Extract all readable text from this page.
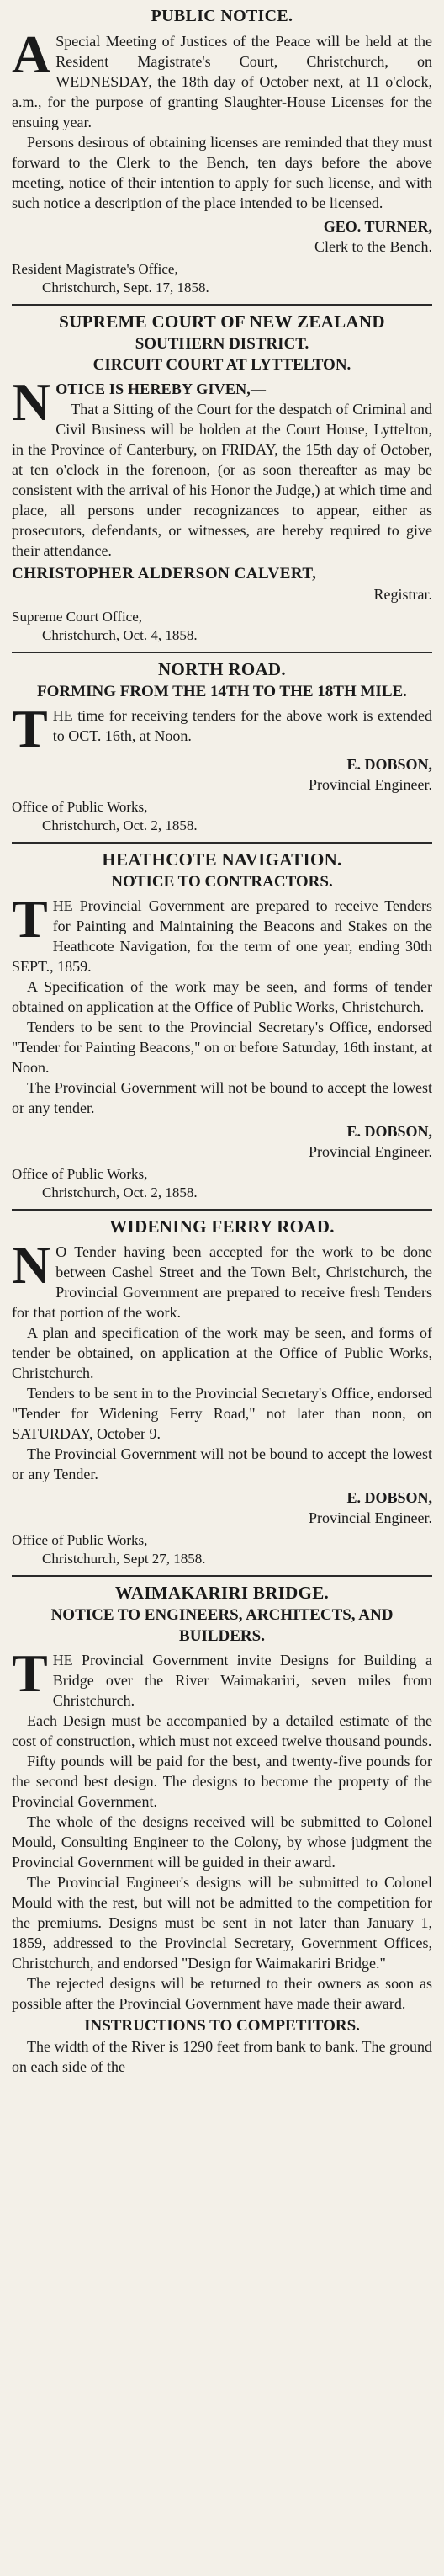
PUBLIC NOTICE.
A Special Meeting of Justices of the Peace will be held at the Resident Magistrate's Court, Christchurch, on WEDNESDAY, the 18th day of October next, at 11 o'clock, a.m., for the purpose of granting Slaughter-House Licenses for the ensuing year.

Persons desirous of obtaining licenses are reminded that they must forward to the Clerk to the Bench, ten days before the above meeting, notice of their intention to apply for such license, and with such notice a description of the place intended to be licensed.

GEO. TURNER,

Clerk to the Bench.

Resident Magistrate's Office,
Christchurch, Sept. 17, 1858.

SUPREME COURT OF NEW ZEALAND

SOUTHERN DISTRICT.

CIRCUIT COURT AT LYTTELTON.

N OTICE IS HEREBY GIVEN,—

That a Sitting of the Court for the despatch of Criminal and Civil Business will be holden at the Court House, Lyttelton, in the Province of Canterbury, on FRIDAY, the 15th day of October, at ten o'clock in the forenoon, (or as soon thereafter as may be consistent with the arrival of his Honor the Judge,) at which time and place, all persons under recognizances to appear, either as prosecutors, defendants, or witnesses, are hereby required to give their attendance.

CHRISTOPHER ALDERSON CALVERT,

Registrar.

Supreme Court Office,
Christchurch, Oct. 4, 1858.

NORTH ROAD.

FORMING FROM THE 14TH TO THE 18TH MILE.

T HE time for receiving tenders for the above work is extended to OCT. 16th, at Noon.

E. DOBSON,

Provincial Engineer.

Office of Public Works,
Christchurch, Oct. 2, 1858.

HEATHCOTE NAVIGATION.

NOTICE TO CONTRACTORS.

T HE Provincial Government are prepared to receive Tenders for Painting and Maintaining the Beacons and Stakes on the Heathcote Navigation, for the term of one year, ending 30th SEPT., 1859.

A Specification of the work may be seen, and forms of tender obtained on application at the Office of Public Works, Christchurch.

Tenders to be sent to the Provincial Secretary's Office, endorsed "Tender for Painting Beacons," on or before Saturday, 16th instant, at Noon.

The Provincial Government will not be bound to accept the lowest or any tender.

E. DOBSON,

Provincial Engineer.

Office of Public Works,
Christchurch, Oct. 2, 1858.

WIDENING FERRY ROAD.
N O Tender having been accepted for the work to be done between Cashel Street and the Town Belt, Christchurch, the Provincial Government are prepared to receive fresh Tenders for that portion of the work.

A plan and specification of the work may be seen, and forms of tender be obtained, on application at the Office of Public Works, Christchurch.

Tenders to be sent in to the Provincial Secretary's Office, endorsed "Tender for Widening Ferry Road," not later than noon, on SATURDAY, October 9.

The Provincial Government will not be bound to accept the lowest or any Tender.

E. DOBSON,

Provincial Engineer.

Office of Public Works,
Christchurch, Sept 27, 1858.

WAIMAKARIRI BRIDGE.

NOTICE TO ENGINEERS, ARCHITECTS, AND BUILDERS.

T HE Provincial Government invite Designs for Building a Bridge over the River Waimakariri, seven miles from Christchurch.

Each Design must be accompanied by a detailed estimate of the cost of construction, which must not exceed twelve thousand pounds.

Fifty pounds will be paid for the best, and twenty-five pounds for the second best design. The designs to become the property of the Provincial Government.

The whole of the designs received will be submitted to Colonel Mould, Consulting Engineer to the Colony, by whose judgment the Provincial Government will be guided in their award.

The Provincial Engineer's designs will be submitted to Colonel Mould with the rest, but will not be admitted to the competition for the premiums. Designs must be sent in not later than January 1, 1859, addressed to the Provincial Secretary, Government Offices, Christchurch, and endorsed "Design for Waimakariri Bridge."

The rejected designs will be returned to their owners as soon as possible after the Provincial Government have made their award.

INSTRUCTIONS TO COMPETITORS.

The width of the River is 1290 feet from bank to bank. The ground on each side of the
